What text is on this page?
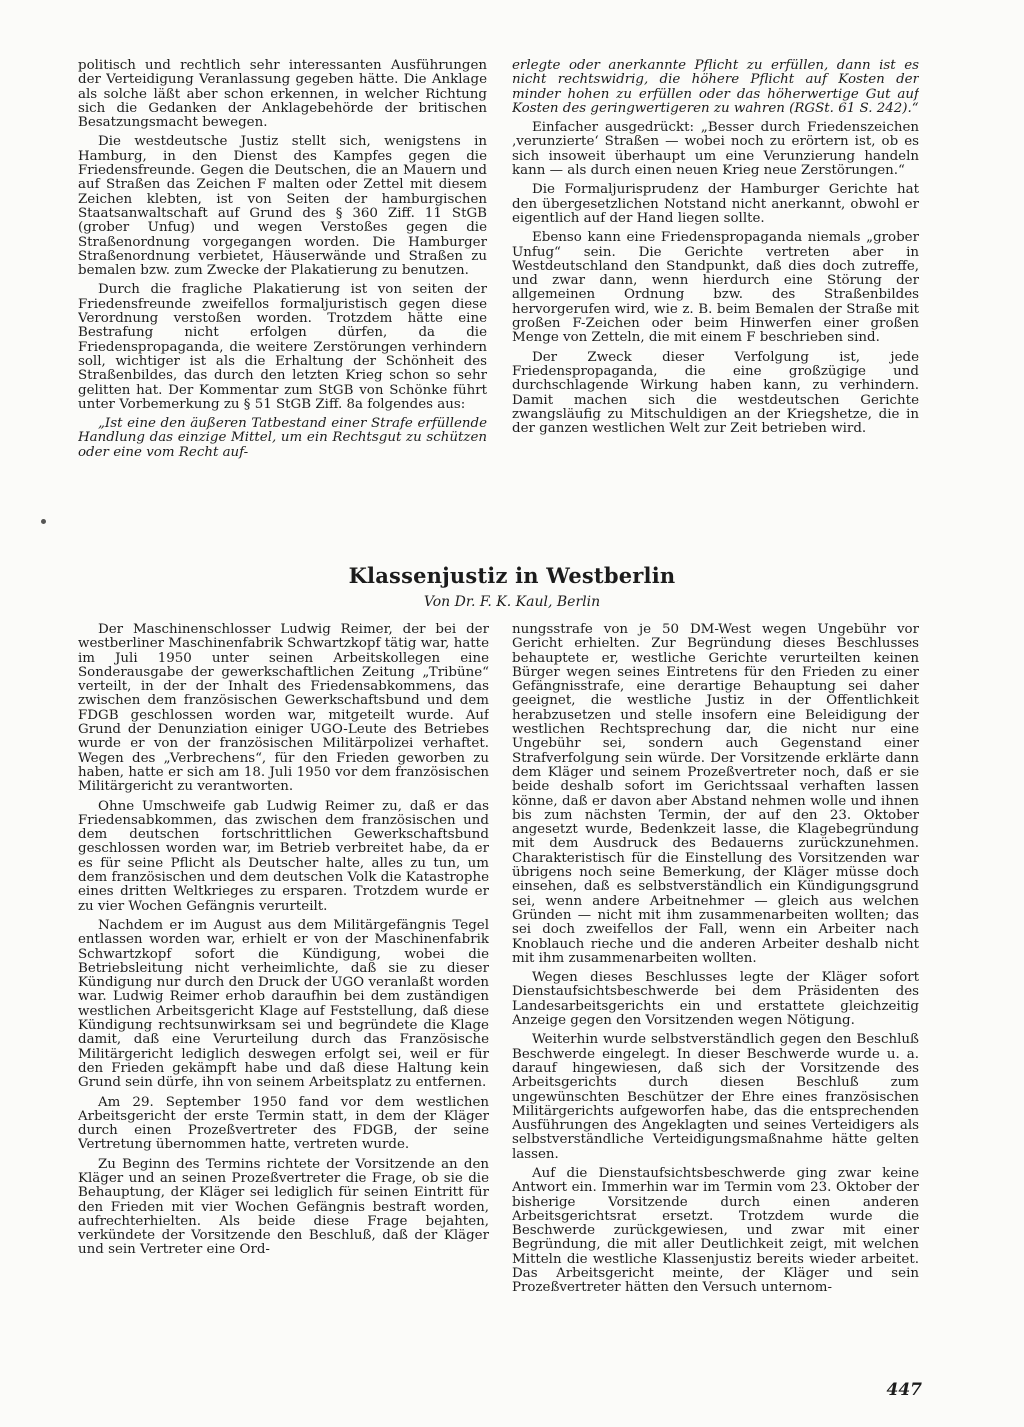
politisch und rechtlich sehr interessanten Ausführungen der Verteidigung Veranlassung gegeben hätte. Die Anklage als solche läßt aber schon erkennen, in welcher Richtung sich die Gedanken der Anklagebehörde der britischen Besatzungsmacht bewegen.

Die westdeutsche Justiz stellt sich, wenigstens in Hamburg, in den Dienst des Kampfes gegen die Friedensfreunde. Gegen die Deutschen, die an Mauern und auf Straßen das Zeichen F malten oder Zettel mit diesem Zeichen klebten, ist von Seiten der hamburgischen Staatsanwaltschaft auf Grund des § 360 Ziff. 11 StGB (grober Unfug) und wegen Verstoßes gegen die Straßenordnung vorgegangen worden. Die Hamburger Straßenordnung verbietet, Häuserwände und Straßen zu bemalen bzw. zum Zwecke der Plakatierung zu benutzen.

Durch die fragliche Plakatierung ist von seiten der Friedensfreunde zweifellos formaljuristisch gegen diese Verordnung verstoßen worden. Trotzdem hätte eine Bestrafung nicht erfolgen dürfen, da die Friedenspropaganda, die weitere Zerstörungen verhindern soll, wichtiger ist als die Erhaltung der Schönheit des Straßenbildes, das durch den letzten Krieg schon so sehr gelitten hat. Der Kommentar zum StGB von Schönke führt unter Vorbemerkung zu § 51 StGB Ziff. 8a folgendes aus:

„Ist eine den äußeren Tatbestand einer Strafe erfüllende Handlung das einzige Mittel, um ein Rechtsgut zu schützen oder eine vom Recht auf-

erlegte oder anerkannte Pflicht zu erfüllen, dann ist es nicht rechtswidrig, die höhere Pflicht auf Kosten der minder hohen zu erfüllen oder das höherwertige Gut auf Kosten des geringwertigeren zu wahren (RGSt. 61 S. 242).“

Einfacher ausgedrückt: „Besser durch Friedenszeichen ‚verunzierte‘ Straßen — wobei noch zu erörtern ist, ob es sich insoweit überhaupt um eine Verunzierung handeln kann — als durch einen neuen Krieg neue Zerstörungen.“

Die Formaljurisprudenz der Hamburger Gerichte hat den übergesetzlichen Notstand nicht anerkannt, obwohl er eigentlich auf der Hand liegen sollte.

Ebenso kann eine Friedenspropaganda niemals „grober Unfug“ sein. Die Gerichte vertreten aber in Westdeutschland den Standpunkt, daß dies doch zutreffe, und zwar dann, wenn hierdurch eine Störung der allgemeinen Ordnung bzw. des Straßenbildes hervorgerufen wird, wie z. B. beim Bemalen der Straße mit großen F-Zeichen oder beim Hinwerfen einer großen Menge von Zetteln, die mit einem F beschrieben sind.

Der Zweck dieser Verfolgung ist, jede Friedenspropaganda, die eine großzügige und durchschlagende Wirkung haben kann, zu verhindern. Damit machen sich die westdeutschen Gerichte zwangsläufig zu Mitschuldigen an der Kriegshetze, die in der ganzen westlichen Welt zur Zeit betrieben wird.

Klassenjustiz in Westberlin
Von Dr. F. K. Kaul, Berlin

Der Maschinenschlosser Ludwig Reimer, der bei der westberliner Maschinenfabrik Schwartzkopf tätig war, hatte im Juli 1950 unter seinen Arbeitskollegen eine Sonderausgabe der gewerkschaftlichen Zeitung „Tribüne“ verteilt, in der der Inhalt des Friedensabkommens, das zwischen dem französischen Gewerkschaftsbund und dem FDGB geschlossen worden war, mitgeteilt wurde. Auf Grund der Denunziation einiger UGO-Leute des Betriebes wurde er von der französischen Militärpolizei verhaftet. Wegen des „Verbrechens“, für den Frieden geworben zu haben, hatte er sich am 18. Juli 1950 vor dem französischen Militärgericht zu verantworten.

Ohne Umschweife gab Ludwig Reimer zu, daß er das Friedensabkommen, das zwischen dem französischen und dem deutschen fortschrittlichen Gewerkschaftsbund geschlossen worden war, im Betrieb verbreitet habe, da er es für seine Pflicht als Deutscher halte, alles zu tun, um dem französischen und dem deutschen Volk die Katastrophe eines dritten Weltkrieges zu ersparen. Trotzdem wurde er zu vier Wochen Gefängnis verurteilt.

Nachdem er im August aus dem Militärgefängnis Tegel entlassen worden war, erhielt er von der Maschinenfabrik Schwartzkopf sofort die Kündigung, wobei die Betriebsleitung nicht verheimlichte, daß sie zu dieser Kündigung nur durch den Druck der UGO veranlaßt worden war. Ludwig Reimer erhob daraufhin bei dem zuständigen westlichen Arbeitsgericht Klage auf Feststellung, daß diese Kündigung rechtsunwirksam sei und begründete die Klage damit, daß eine Verurteilung durch das Französische Militärgericht lediglich deswegen erfolgt sei, weil er für den Frieden gekämpft habe und daß diese Haltung kein Grund sein dürfe, ihn von seinem Arbeitsplatz zu entfernen.

Am 29. September 1950 fand vor dem westlichen Arbeitsgericht der erste Termin statt, in dem der Kläger durch einen Prozeßvertreter des FDGB, der seine Vertretung übernommen hatte, vertreten wurde.

Zu Beginn des Termins richtete der Vorsitzende an den Kläger und an seinen Prozeßvertreter die Frage, ob sie die Behauptung, der Kläger sei lediglich für seinen Eintritt für den Frieden mit vier Wochen Gefängnis bestraft worden, aufrechterhielten. Als beide diese Frage bejahten, verkündete der Vorsitzende den Beschluß, daß der Kläger und sein Vertreter eine Ord-

nungsstrafe von je 50 DM-West wegen Ungebühr vor Gericht erhielten. Zur Begründung dieses Beschlusses behauptete er, westliche Gerichte verurteilten keinen Bürger wegen seines Eintretens für den Frieden zu einer Gefängnisstrafe, eine derartige Behauptung sei daher geeignet, die westliche Justiz in der Öffentlichkeit herabzusetzen und stelle insofern eine Beleidigung der westlichen Rechtsprechung dar, die nicht nur eine Ungebühr sei, sondern auch Gegenstand einer Strafverfolgung sein würde. Der Vorsitzende erklärte dann dem Kläger und seinem Prozeßvertreter noch, daß er sie beide deshalb sofort im Gerichtssaal verhaften lassen könne, daß er davon aber Abstand nehmen wolle und ihnen bis zum nächsten Termin, der auf den 23. Oktober angesetzt wurde, Bedenkzeit lasse, die Klagebegründung mit dem Ausdruck des Bedauerns zurückzunehmen. Charakteristisch für die Einstellung des Vorsitzenden war übrigens noch seine Bemerkung, der Kläger müsse doch einsehen, daß es selbstverständlich ein Kündigungsgrund sei, wenn andere Arbeitnehmer — gleich aus welchen Gründen — nicht mit ihm zusammenarbeiten wollten; das sei doch zweifellos der Fall, wenn ein Arbeiter nach Knoblauch rieche und die anderen Arbeiter deshalb nicht mit ihm zusammenarbeiten wollten.

Wegen dieses Beschlusses legte der Kläger sofort Dienstaufsichtsbeschwerde bei dem Präsidenten des Landesarbeitsgerichts ein und erstattete gleichzeitig Anzeige gegen den Vorsitzenden wegen Nötigung.

Weiterhin wurde selbstverständlich gegen den Beschluß Beschwerde eingelegt. In dieser Beschwerde wurde u. a. darauf hingewiesen, daß sich der Vorsitzende des Arbeitsgerichts durch diesen Beschluß zum ungewünschten Beschützer der Ehre eines französischen Militärgerichts aufgeworfen habe, das die entsprechenden Ausführungen des Angeklagten und seines Verteidigers als selbstverständliche Verteidigungsmaßnahme hätte gelten lassen.

Auf die Dienstaufsichtsbeschwerde ging zwar keine Antwort ein. Immerhin war im Termin vom 23. Oktober der bisherige Vorsitzende durch einen anderen Arbeitsgerichtsrat ersetzt. Trotzdem wurde die Beschwerde zurückgewiesen, und zwar mit einer Begründung, die mit aller Deutlichkeit zeigt, mit welchen Mitteln die westliche Klassenjustiz bereits wieder arbeitet. Das Arbeitsgericht meinte, der Kläger und sein Prozeßvertreter hätten den Versuch unternom-

447
